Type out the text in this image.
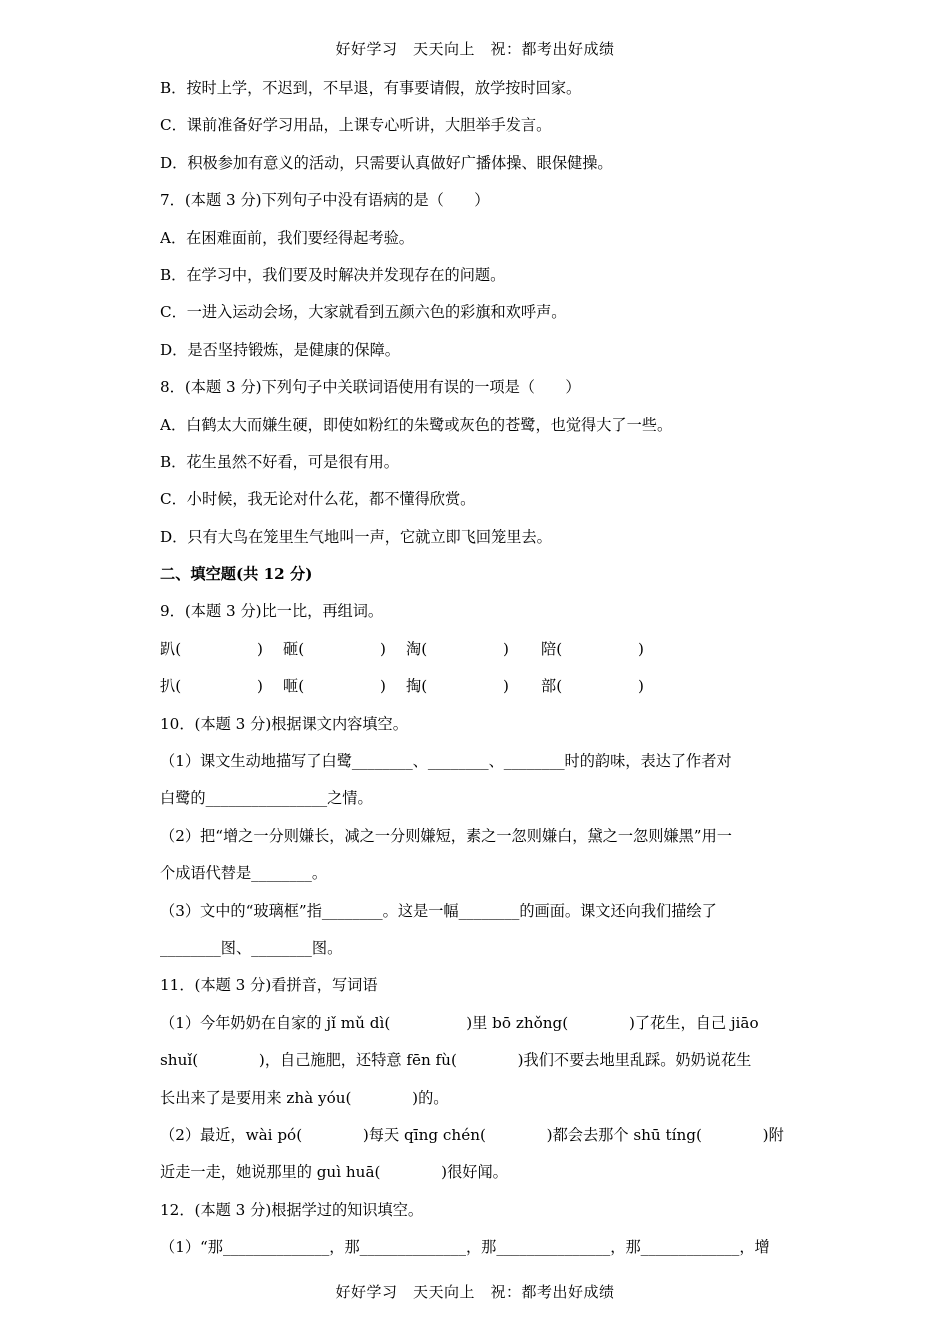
好好学习　天天向上　祝：都考出好成绩
B．按时上学，不迟到，不早退，有事要请假，放学按时回家。
C．课前准备好学习用品，上课专心听讲，大胆举手发言。
D．积极参加有意义的活动，只需要认真做好广播体操、眼保健操。
7．(本题 3 分)下列句子中没有语病的是（　　）
A．在困难面前，我们要经得起考验。
B．在学习中，我们要及时解决并发现存在的问题。
C．一进入运动会场，大家就看到五颜六色的彩旗和欢呼声。
D．是否坚持锻炼，是健康的保障。
8．(本题 3 分)下列句子中关联词语使用有误的一项是（　　）
A．白鹤太大而嫌生硬，即使如粉红的朱鹭或灰色的苍鹭，也觉得大了一些。
B．花生虽然不好看，可是很有用。
C．小时候，我无论对什么花，都不懂得欣赏。
D．只有大鸟在笼里生气地叫一声，它就立即飞回笼里去。
二、填空题(共 12 分)
9．(本题 3 分)比一比，再组词。
趴(　　　　　) 砸(　　　　　) 淘(　　　　　) 陪(　　　　　)
扒(　　　　　) 咂(　　　　　) 掏(　　　　　) 部(　　　　　)
10．(本题 3 分)根据课文内容填空。
（1）课文生动地描写了白鹭________、________、________时的韵味，表达了作者对
白鹭的________________之情。
（2）把“增之一分则嫌长，减之一分则嫌短，素之一忽则嫌白，黛之一忽则嫌黑”用一
个成语代替是________。
（3）文中的“玻璃框”指________。这是一幅________的画面。课文还向我们描绘了
________图、________图。
11．(本题 3 分)看拼音，写词语
（1）今年奶奶在自家的 jǐ mǔ dì(　　　　　)里 bō zhǒng(　　　　)了花生，自己 jiāo
shuǐ(　　　　)，自己施肥，还特意 fēn fù(　　　　)我们不要去地里乱踩。奶奶说花生
长出来了是要用来 zhà yóu(　　　　)的。
（2）最近，wài pó(　　　　)每天 qīng chén(　　　　)都会去那个 shū tíng(　　　　)附
近走一走，她说那里的 guì huā(　　　　)很好闻。
12．(本题 3 分)根据学过的知识填空。
（1）“那______________，那______________，那_______________，那_____________，增
好好学习　天天向上　祝：都考出好成绩
